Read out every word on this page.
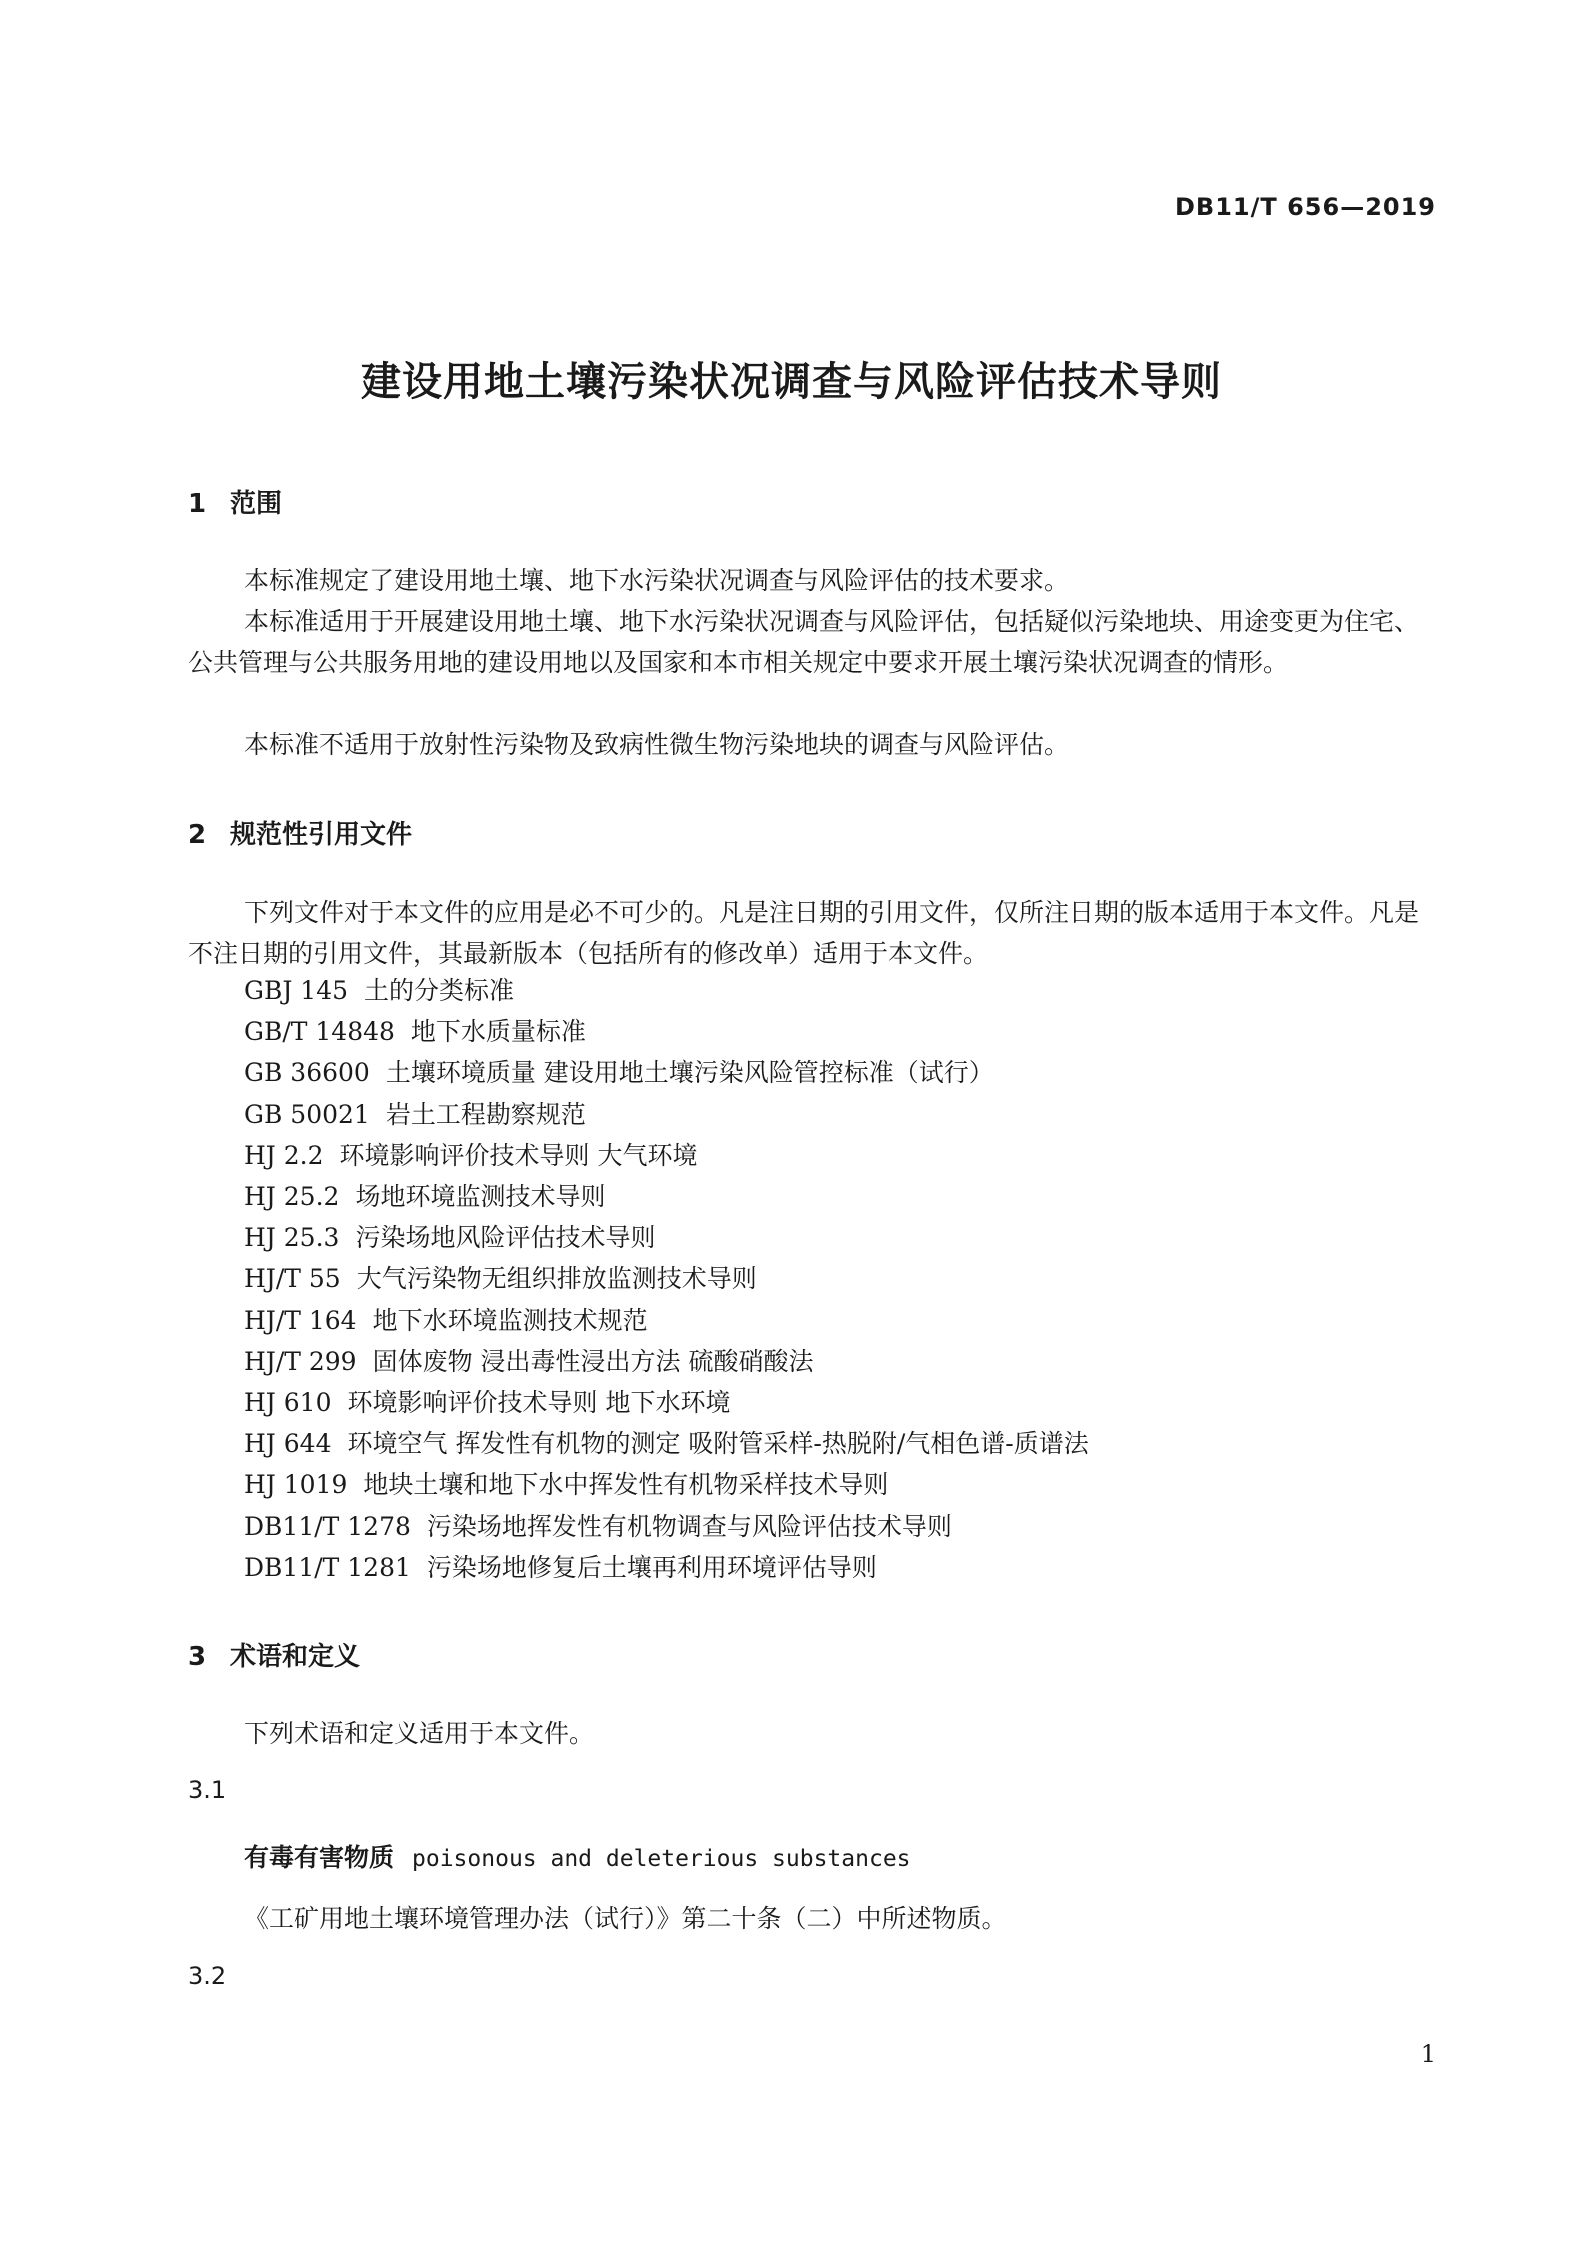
DB11/T 656—2019
建设用地土壤污染状况调查与风险评估技术导则
1 范围

本标准规定了建设用地土壤、地下水污染状况调查与风险评估的技术要求。

本标准适用于开展建设用地土壤、地下水污染状况调查与风险评估，包括疑似污染地块、用途变更为住宅、公共管理与公共服务用地的建设用地以及国家和本市相关规定中要求开展土壤污染状况调查的情形。

本标准不适用于放射性污染物及致病性微生物污染地块的调查与风险评估。

2 规范性引用文件

下列文件对于本文件的应用是必不可少的。凡是注日期的引用文件，仅所注日期的版本适用于本文件。凡是不注日期的引用文件，其最新版本（包括所有的修改单）适用于本文件。

GBJ 145 土的分类标准
GB/T 14848 地下水质量标准
GB 36600 土壤环境质量 建设用地土壤污染风险管控标准（试行）
GB 50021 岩土工程勘察规范
HJ 2.2 环境影响评价技术导则 大气环境
HJ 25.2 场地环境监测技术导则
HJ 25.3 污染场地风险评估技术导则
HJ/T 55 大气污染物无组织排放监测技术导则
HJ/T 164 地下水环境监测技术规范
HJ/T 299 固体废物 浸出毒性浸出方法 硫酸硝酸法
HJ 610 环境影响评价技术导则 地下水环境
HJ 644 环境空气 挥发性有机物的测定 吸附管采样-热脱附/气相色谱-质谱法
HJ 1019 地块土壤和地下水中挥发性有机物采样技术导则
DB11/T 1278 污染场地挥发性有机物调查与风险评估技术导则
DB11/T 1281 污染场地修复后土壤再利用环境评估导则
3 术语和定义
下列术语和定义适用于本文件。
3.1
有毒有害物质 poisonous and deleterious substances
《工矿用地土壤环境管理办法（试行）》第二十条（二）中所述物质。
3.2
1
